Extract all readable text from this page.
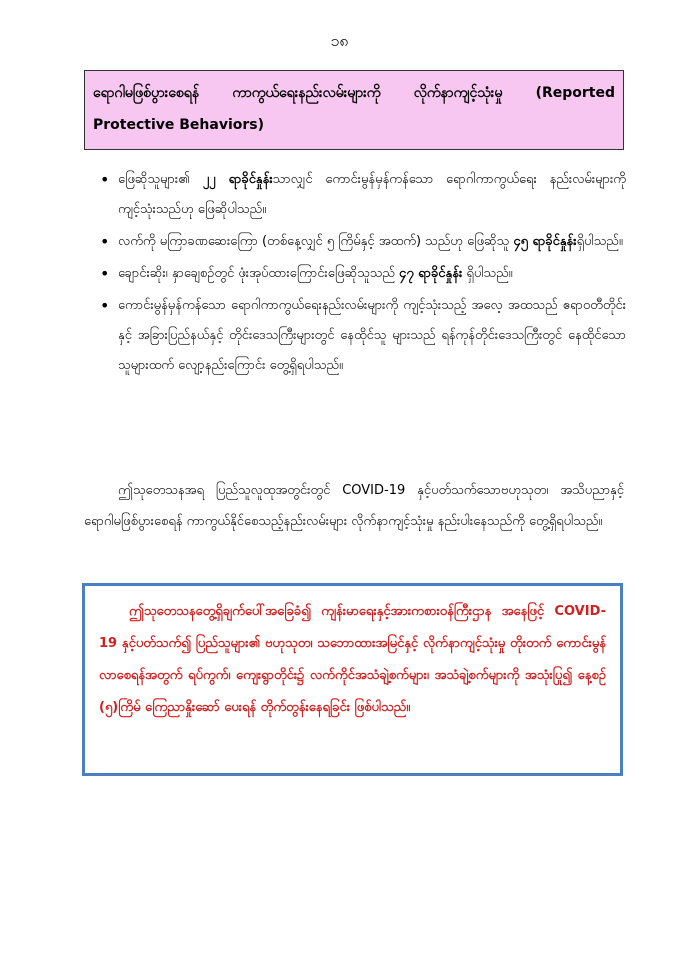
၁၈
ရောဂါမဖြစ်ပွားစေရန် ကာကွယ်ရေးနည်းလမ်းများကို လိုက်နာကျင့်သုံးမှု (Reported Protective Behaviors)
• ဖြေဆိုသူများ၏ ၂၂ ရာခိုင်နှုန်းသာလျှင် ကောင်းမွန်မှန်ကန်သော ရောဂါကာကွယ်ရေး နည်းလမ်းများကို ကျင့်သုံးသည်ဟု ဖြေဆိုပါသည်။
• လက်ကို မကြာခဏဆေးကြော (တစ်နေ့လျှင် ၅ ကြိမ်နှင့် အထက်) သည်ဟု ဖြေဆိုသူ ၄၅ ရာခိုင်နှုန်းရှိပါသည်။
• ချောင်းဆိုး၊ နှာချေစဉ်တွင် ဖုံးအုပ်ထားကြောင်းဖြေဆိုသူသည် ၄၇ ရာခိုင်နှုန်း ရှိပါသည်။
• ကောင်းမွန်မှန်ကန်သော ရောဂါကာကွယ်ရေးနည်းလမ်းများကို ကျင့်သုံးသည့် အလေ့ အထသည် ဧရာဝတီတိုင်းနှင့် အခြားပြည်နယ်နှင့် တိုင်းဒေသကြီးများတွင် နေထိုင်သူ များသည် ရန်ကုန်တိုင်းဒေသကြီးတွင် နေထိုင်သောသူများထက် လျော့နည်းကြောင်း တွေ့ရှိရပါသည်။

ဤသုတေသနအရ ပြည်သူလူထုအတွင်းတွင် COVID-19 နှင့်ပတ်သက်သောဗဟုသုတ၊ အသိပညာနှင့် ရောဂါမဖြစ်ပွားစေရန် ကာကွယ်နိုင်စေသည့်နည်းလမ်းများ လိုက်နာကျင့်သုံးမှု နည်းပါးနေသည်ကို တွေ့ရှိရပါသည်။

ဤသုတေသနတွေ့ရှိချက်ပေါ်အခြေခံ၍ ကျန်းမာရေးနှင့်အားကစားဝန်ကြီးဌာန အနေဖြင့် COVID-19 နှင့်ပတ်သက်၍ ပြည်သူများ၏ ဗဟုသုတ၊ သဘောထားအမြင်နှင့် လိုက်နာကျင့်သုံးမှု တိုးတက် ကောင်းမွန်လာစေရန်အတွက် ရပ်ကွက်၊ ကျေးရွာတိုင်း၌ လက်ကိုင်အသံချဲ့စက်များ၊ အသံချဲ့စက်များကို အသုံးပြု၍ နေ့စဉ် (၅)ကြိမ် ကြေညာနှိုးဆော် ပေးရန် တိုက်တွန်းနေရခြင်း ဖြစ်ပါသည်။
